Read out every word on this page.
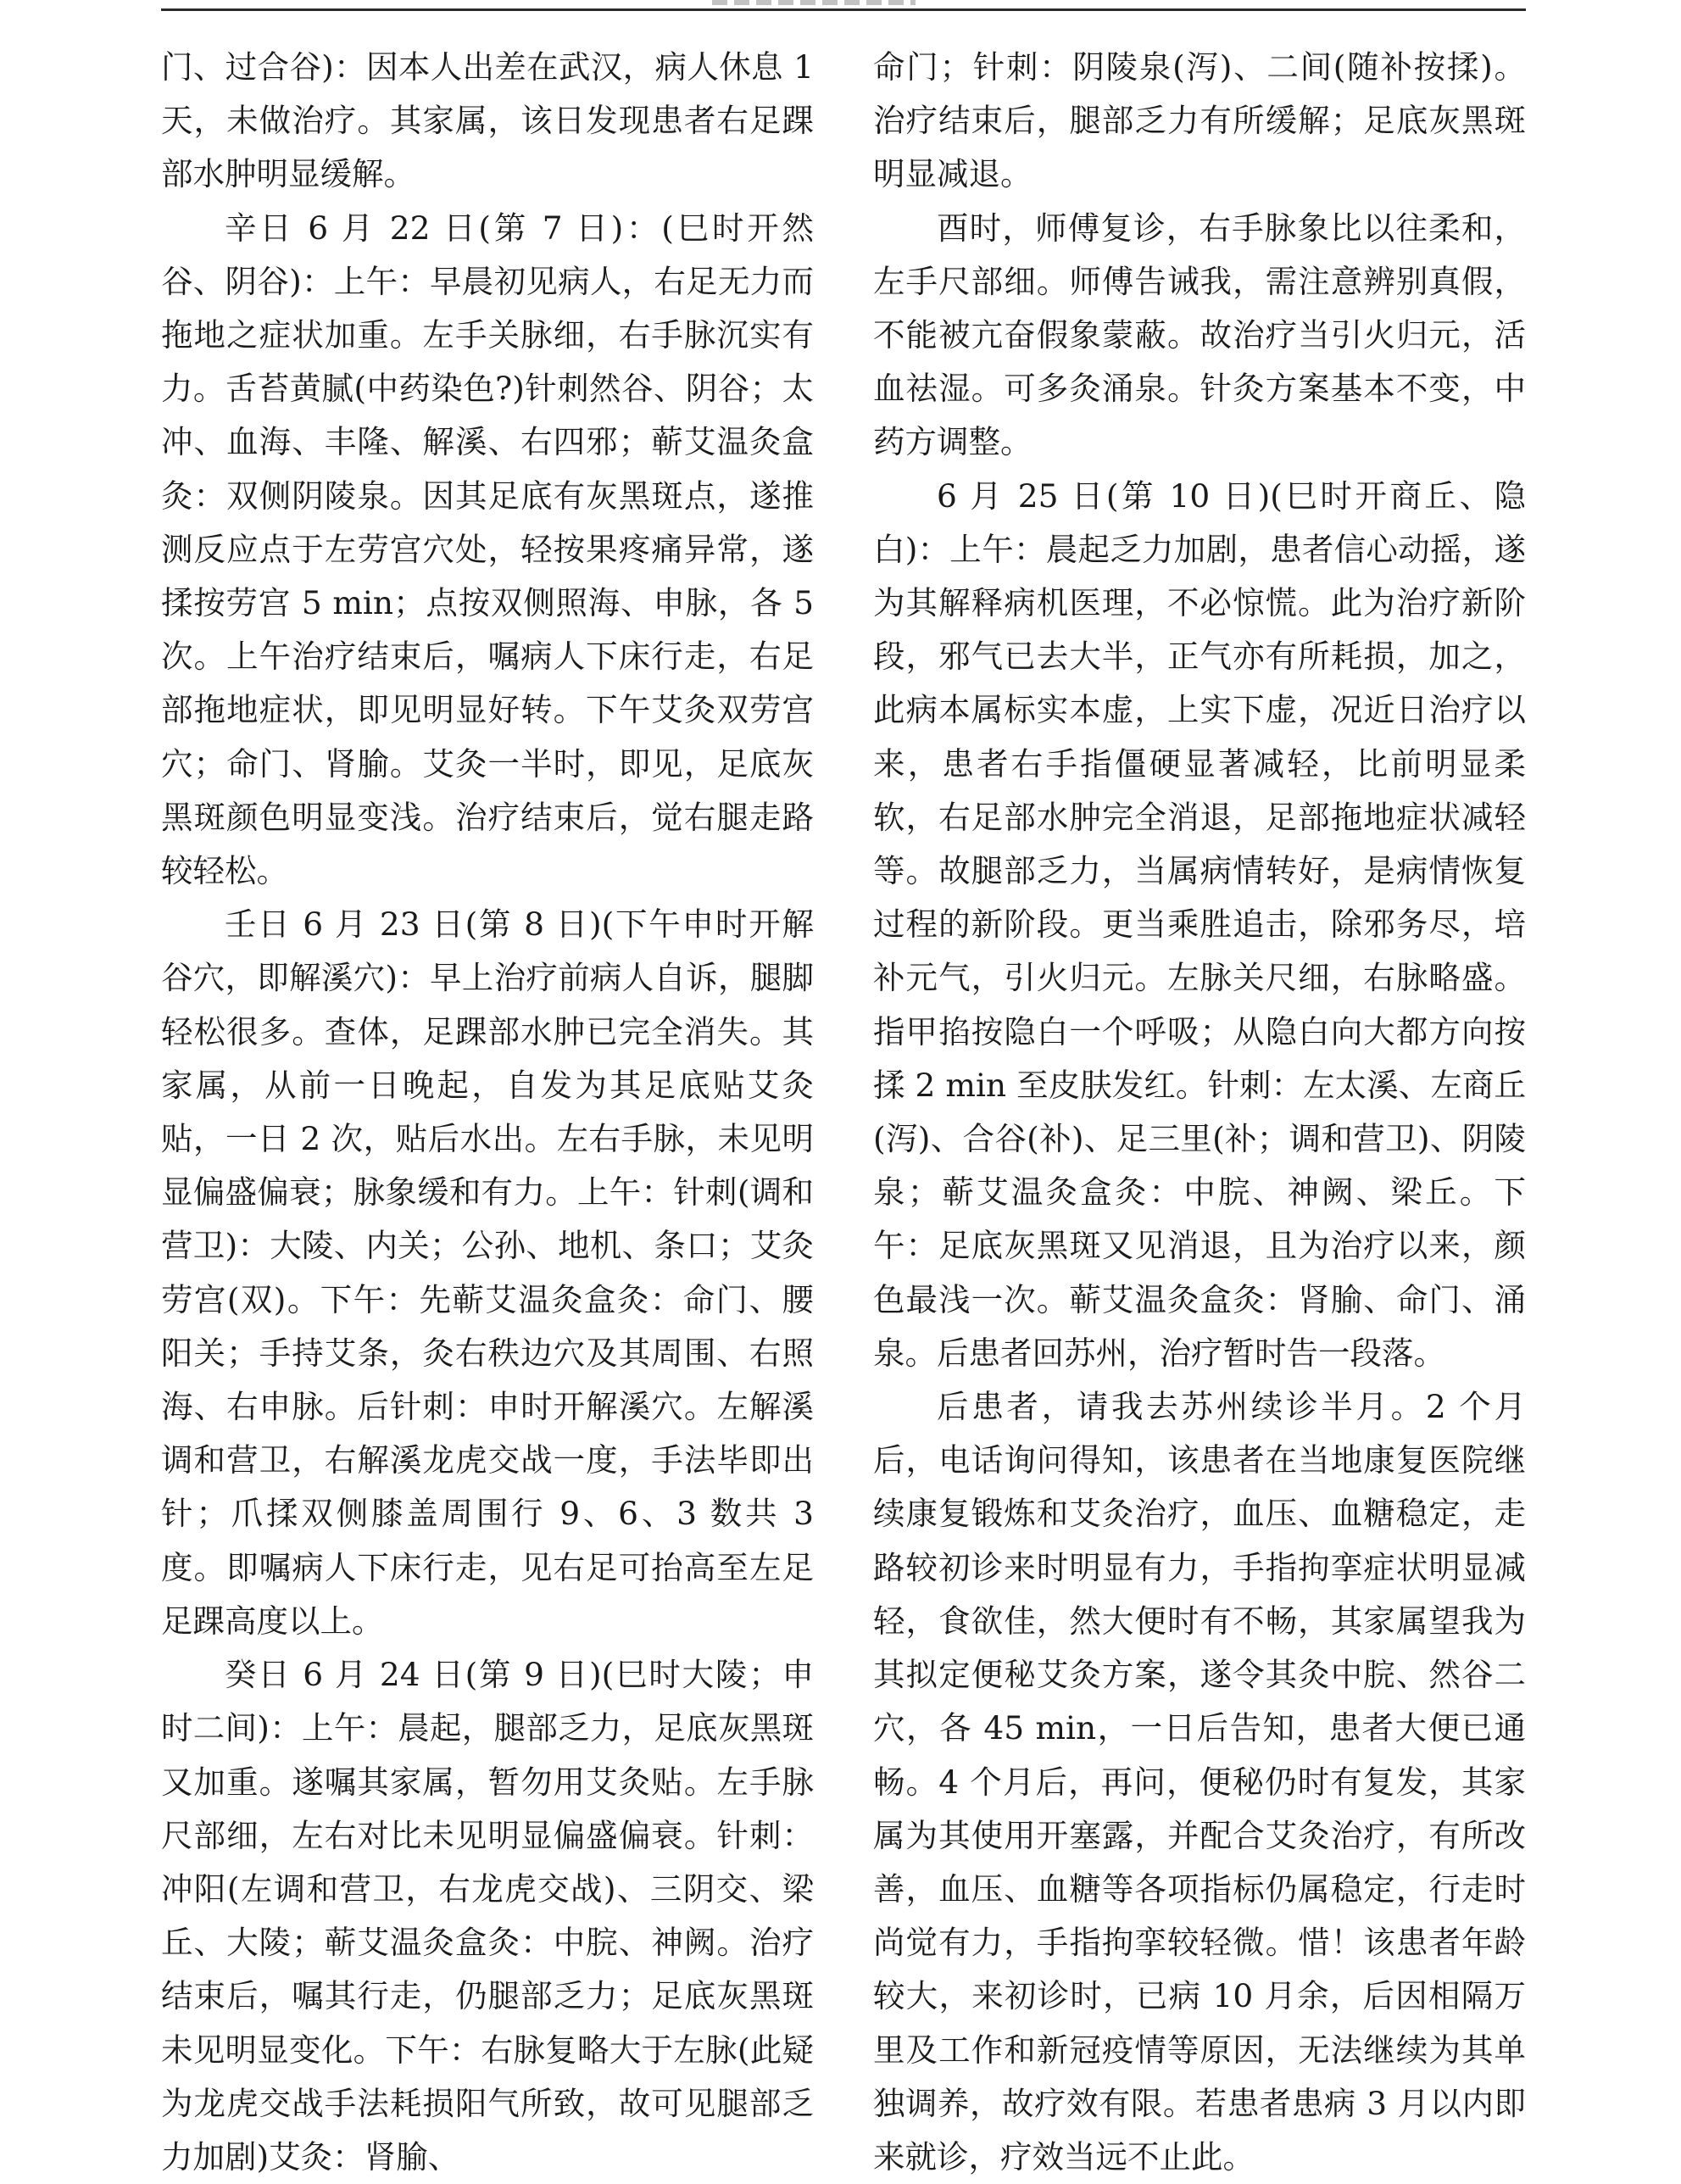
门、过合谷)：因本人出差在武汉，病人休息 1 天，未做治疗。其家属，该日发现患者右足踝部水肿明显缓解。

辛日 6 月 22 日(第 7 日)：(巳时开然谷、阴谷)：上午：早晨初见病人，右足无力而拖地之症状加重。左手关脉细，右手脉沉实有力。舌苔黄腻(中药染色?)针刺然谷、阴谷；太冲、血海、丰隆、解溪、右四邪；蕲艾温灸盒灸：双侧阴陵泉。因其足底有灰黑斑点，遂推测反应点于左劳宫穴处，轻按果疼痛异常，遂揉按劳宫 5 min；点按双侧照海、申脉，各 5 次。上午治疗结束后，嘱病人下床行走，右足部拖地症状，即见明显好转。下午艾灸双劳宫穴；命门、肾腧。艾灸一半时，即见，足底灰黑斑颜色明显变浅。治疗结束后，觉右腿走路较轻松。

壬日 6 月 23 日(第 8 日)(下午申时开解谷穴，即解溪穴)：早上治疗前病人自诉，腿脚轻松很多。查体，足踝部水肿已完全消失。其家属，从前一日晚起，自发为其足底贴艾灸贴，一日 2 次，贴后水出。左右手脉，未见明显偏盛偏衰；脉象缓和有力。上午：针刺(调和营卫)：大陵、内关；公孙、地机、条口；艾灸劳宫(双)。下午：先蕲艾温灸盒灸：命门、腰阳关；手持艾条，灸右秩边穴及其周围、右照海、右申脉。后针刺：申时开解溪穴。左解溪调和营卫，右解溪龙虎交战一度，手法毕即出针；爪揉双侧膝盖周围行 9、6、3 数共 3 度。即嘱病人下床行走，见右足可抬高至左足足踝高度以上。

癸日 6 月 24 日(第 9 日)(巳时大陵；申时二间)：上午：晨起，腿部乏力，足底灰黑斑又加重。遂嘱其家属，暂勿用艾灸贴。左手脉尺部细，左右对比未见明显偏盛偏衰。针刺：冲阳(左调和营卫，右龙虎交战)、三阴交、梁丘、大陵；蕲艾温灸盒灸：中脘、神阙。治疗结束后，嘱其行走，仍腿部乏力；足底灰黑斑未见明显变化。下午：右脉复略大于左脉(此疑为龙虎交战手法耗损阳气所致，故可见腿部乏力加剧)艾灸：肾腧、

命门；针刺：阴陵泉(泻)、二间(随补按揉)。治疗结束后，腿部乏力有所缓解；足底灰黑斑明显减退。

酉时，师傅复诊，右手脉象比以往柔和，左手尺部细。师傅告诫我，需注意辨别真假，不能被亢奋假象蒙蔽。故治疗当引火归元，活血祛湿。可多灸涌泉。针灸方案基本不变，中药方调整。

6 月 25 日(第 10 日)(巳时开商丘、隐白)：上午：晨起乏力加剧，患者信心动摇，遂为其解释病机医理，不必惊慌。此为治疗新阶段，邪气已去大半，正气亦有所耗损，加之，此病本属标实本虚，上实下虚，况近日治疗以来，患者右手指僵硬显著减轻，比前明显柔软，右足部水肿完全消退，足部拖地症状减轻等。故腿部乏力，当属病情转好，是病情恢复过程的新阶段。更当乘胜追击，除邪务尽，培补元气，引火归元。左脉关尺细，右脉略盛。指甲掐按隐白一个呼吸；从隐白向大都方向按揉 2 min 至皮肤发红。针刺：左太溪、左商丘(泻)、合谷(补)、足三里(补；调和营卫)、阴陵泉；蕲艾温灸盒灸：中脘、神阙、梁丘。下午：足底灰黑斑又见消退，且为治疗以来，颜色最浅一次。蕲艾温灸盒灸：肾腧、命门、涌泉。后患者回苏州，治疗暂时告一段落。

后患者，请我去苏州续诊半月。2 个月后，电话询问得知，该患者在当地康复医院继续康复锻炼和艾灸治疗，血压、血糖稳定，走路较初诊来时明显有力，手指拘挛症状明显减轻，食欲佳，然大便时有不畅，其家属望我为其拟定便秘艾灸方案，遂令其灸中脘、然谷二穴，各 45 min，一日后告知，患者大便已通畅。4 个月后，再问，便秘仍时有复发，其家属为其使用开塞露，并配合艾灸治疗，有所改善，血压、血糖等各项指标仍属稳定，行走时尚觉有力，手指拘挛较轻微。惜！该患者年龄较大，来初诊时，已病 10 月余，后因相隔万里及工作和新冠疫情等原因，无法继续为其单独调养，故疗效有限。若患者患病 3 月以内即来就诊，疗效当远不止此。
